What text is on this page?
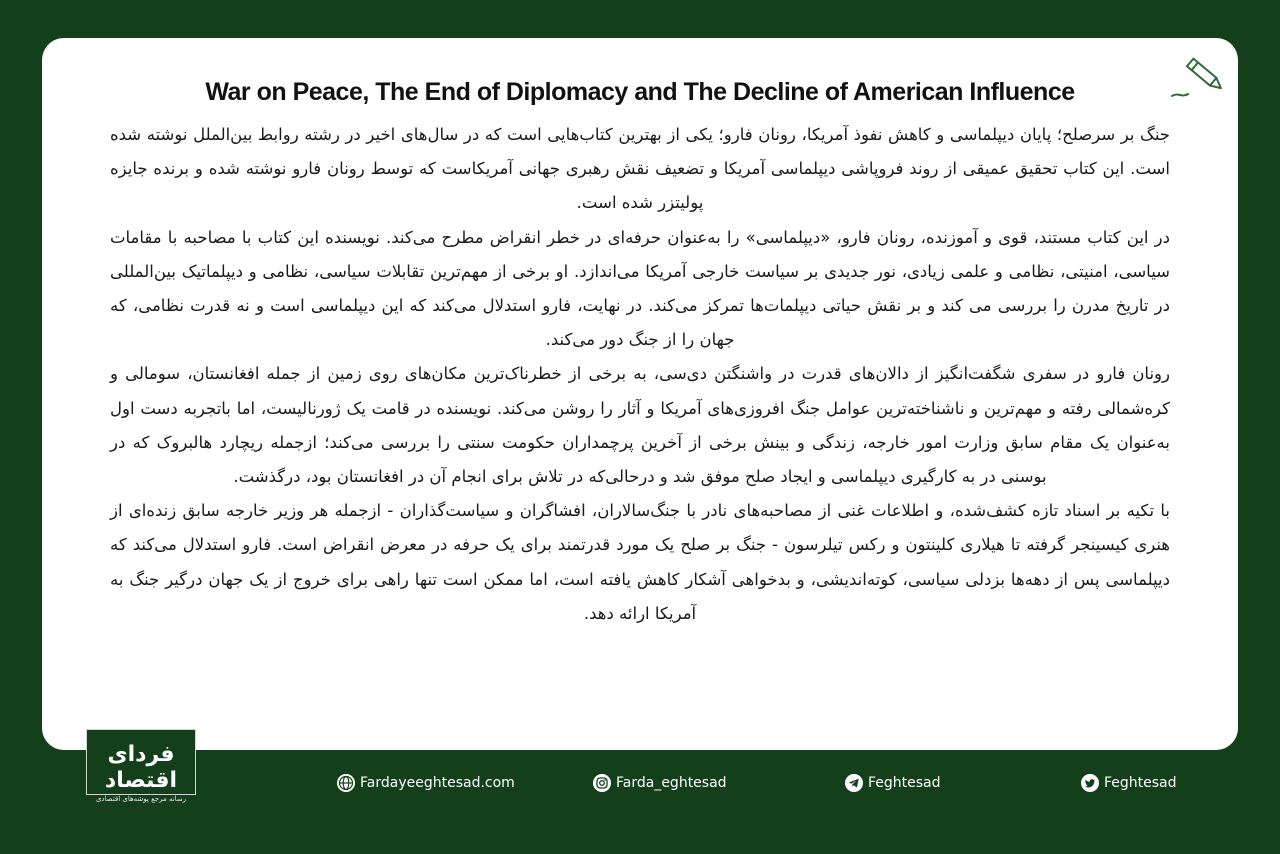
War on Peace, The End of Diplomacy and The Decline of American Influence

جنگ بر سرصلح؛ پایان دیپلماسی و کاهش نفوذ آمریکا، رونان فارو؛ یکی از بهترین کتاب‌هایی است که در سال‌های اخیر در رشته روابط بین‌الملل نوشته شده است. این کتاب تحقیق عمیقی از روند فروپاشی دیپلماسی آمریکا و تضعیف نقش رهبری جهانی آمریکاست که توسط رونان فارو نوشته شده و برنده جایزه پولیتزر شده است.

در این کتاب مستند، قوی و آموزنده، رونان فارو، «دیپلماسی» را به‌عنوان حرفه‌ای در خطر انقراض مطرح می‌کند. نویسنده این کتاب با مصاحبه با مقامات سیاسی، امنیتی، نظامی و علمی زیادی، نور جدیدی بر سیاست خارجی آمریکا می‌اندازد. او برخی از مهم‌ترین تقابلات سیاسی، نظامی و دیپلماتیک بین‌المللی در تاریخ مدرن را بررسی می کند و بر نقش حیاتی دیپلمات‌ها تمرکز می‌کند. در نهایت، فارو استدلال می‌کند که این دیپلماسی است و نه قدرت نظامی، که جهان را از جنگ دور می‌کند.

رونان فارو در سفری شگفت‌انگیز از دالان‌های قدرت در واشنگتن دی‌سی، به برخی از خطرناک‌ترین مکان‌های روی زمین از جمله افغانستان، سومالی و کره‌شمالی رفته و مهم‌ترین و ناشناخته‌ترین عوامل جنگ افروزی‌های آمریکا و آثار را روشن می‌کند. نویسنده در قامت یک ژورنالیست، اما باتجربه دست اول به‌عنوان یک مقام سابق وزارت امور خارجه، زندگی و بینش برخی از آخرین پرچمداران حکومت سنتی را بررسی می‌کند؛ ازجمله ریچارد هالبروک که در بوسنی در به کارگیری دیپلماسی و ایجاد صلح موفق شد و درحالی‌که در تلاش برای انجام آن در افغانستان بود، درگذشت.

با تکیه بر اسناد تازه کشف‌شده، و اطلاعات غنی از مصاحبه‌های نادر با جنگ‌سالاران، افشاگران و سیاست‌گذاران - ازجمله هر وزیر خارجه سابق زنده‌ای از هنری کیسینجر گرفته تا هیلاری کلینتون و رکس تیلرسون - جنگ بر صلح یک مورد قدرتمند برای یک حرفه در معرض انقراض است. فارو استدلال می‌کند که دیپلماسی پس از دهه‌ها بزدلی سیاسی، کوته‌اندیشی، و بدخواهی آشکار کاهش یافته است، اما ممکن است تنها راهی برای خروج از یک جهان درگیر جنگ به آمریکا ارائه دهد.

فردای اقتصاد
رسانه مرجع پوشه‌های اقتصادی
Fardayeeghtesad.com	Farda_eghtesad	Feghtesad	Feghtesad
